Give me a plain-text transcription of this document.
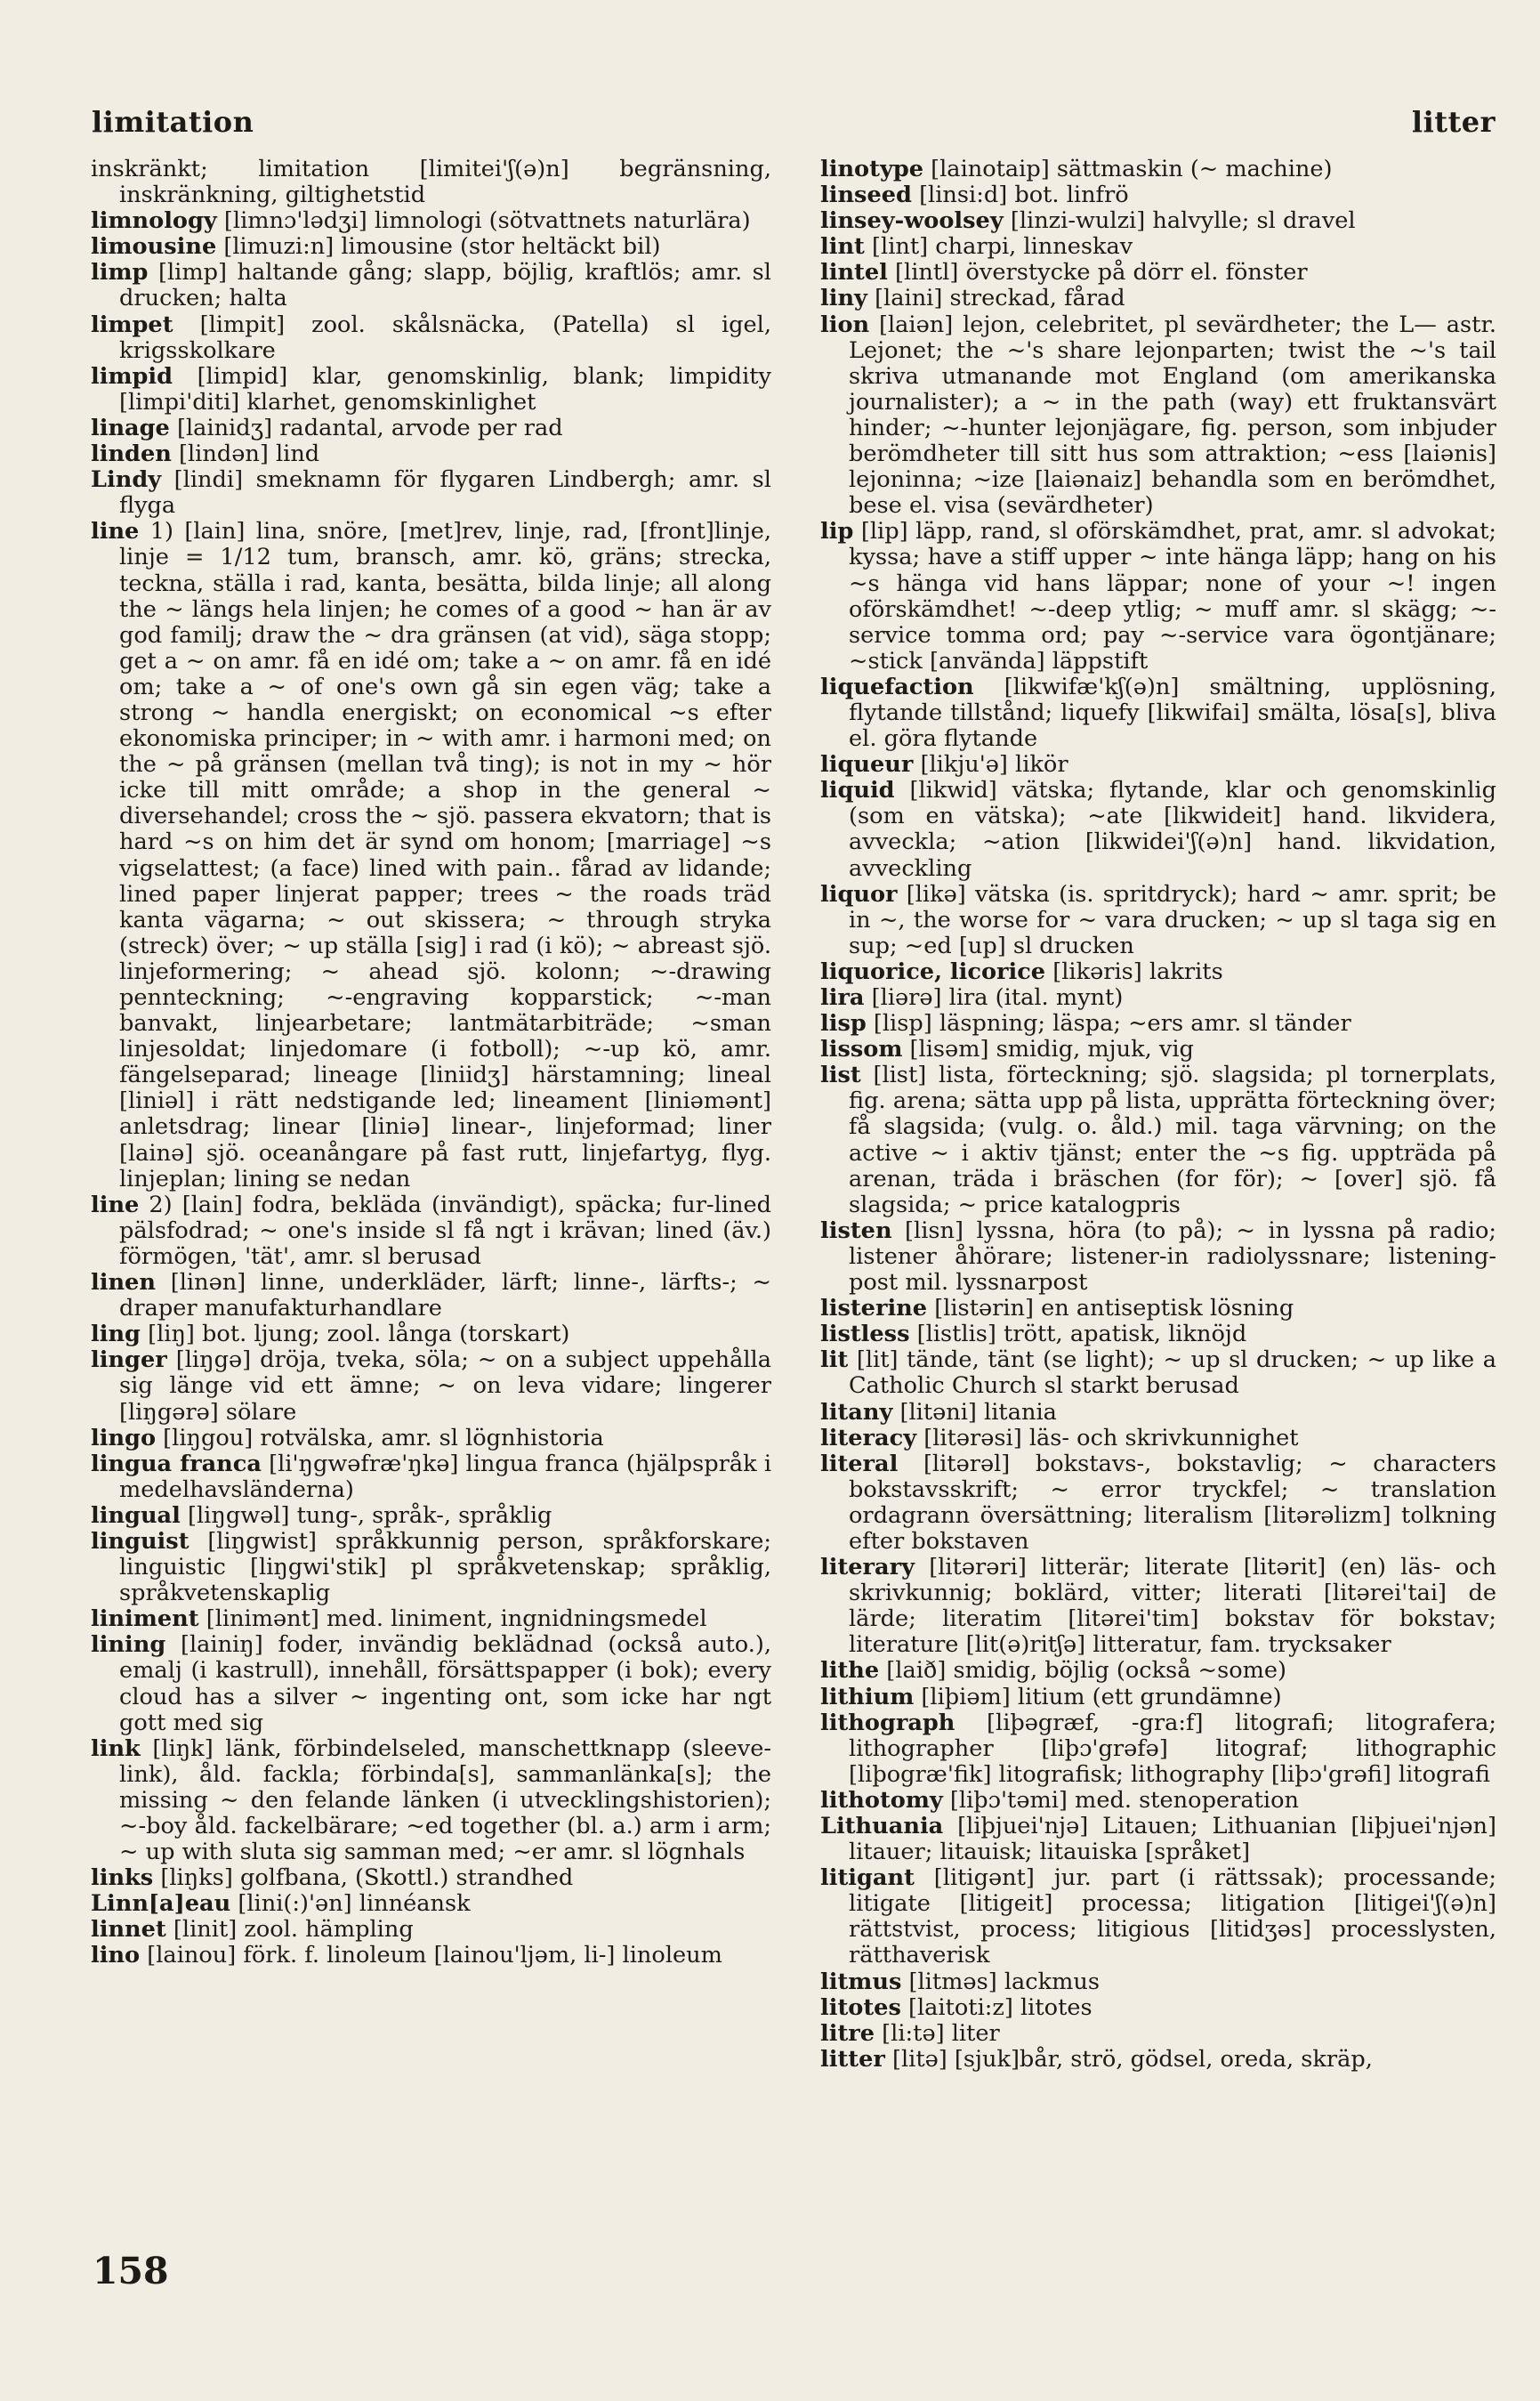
limitation	litter

inskränkt; limitation [limitei'ʃ(ə)n] begränsning, inskränkning, giltighetstid

limnology [limnɔ'lədʒi] limnologi (sötvattnets naturlära)

limousine [limuzi:n] limousine (stor heltäckt bil)

limp [limp] haltande gång; slapp, böjlig, kraftlös; amr. sl drucken; halta

limpet [limpit] zool. skålsnäcka, (Patella) sl igel, krigsskolkare

limpid [limpid] klar, genomskinlig, blank; limpidity [limpi'diti] klarhet, genomskinlighet

linage [lainidʒ] radantal, arvode per rad

linden [lindən] lind

Lindy [lindi] smeknamn för flygaren Lindbergh; amr. sl flyga

line 1) [lain] lina, snöre, [met]rev, linje, rad, [front]linje, linje = 1/12 tum, bransch, amr. kö, gräns; strecka, teckna, ställa i rad, kanta, besätta, bilda linje; all along the ~ längs hela linjen; he comes of a good ~ han är av god familj; draw the ~ dra gränsen (at vid), säga stopp; get a ~ on amr. få en idé om; take a ~ on amr. få en idé om; take a ~ of one's own gå sin egen väg; take a strong ~ handla energiskt; on economical ~s efter ekonomiska principer; in ~ with amr. i harmoni med; on the ~ på gränsen (mellan två ting); is not in my ~ hör icke till mitt område; a shop in the general ~ diversehandel; cross the ~ sjö. passera ekvatorn; that is hard ~s on him det är synd om honom; [marriage] ~s vigselattest; (a face) lined with pain.. fårad av lidande; lined paper linjerat papper; trees ~ the roads träd kanta vägarna; ~ out skissera; ~ through stryka (streck) över; ~ up ställa [sig] i rad (i kö); ~ abreast sjö. linjeformering; ~ ahead sjö. kolonn; ~-drawing pennteckning; ~-engraving kopparstick; ~-man banvakt, linjearbetare; lantmätarbiträde; ~sman linjesoldat; linjedomare (i fotboll); ~-up kö, amr. fängelseparad; lineage [liniidʒ] härstamning; lineal [liniəl] i rätt nedstigande led; lineament [liniəmənt] anletsdrag; linear [liniə] linear-, linjeformad; liner [lainə] sjö. oceanångare på fast rutt, linjefartyg, flyg. linjeplan; lining se nedan

line 2) [lain] fodra, beklädа (invändigt), späcka; fur-lined pälsfodrad; ~ one's inside sl få ngt i krävan; lined (äv.) förmögen, 'tät', amr. sl berusad

linen [linən] linne, underkläder, lärft; linne-, lärfts-; ~ draper manufakturhandlare

ling [liŋ] bot. ljung; zool. långa (torskart)

linger [liŋgə] dröja, tveka, söla; ~ on a subject uppehålla sig länge vid ett ämne; ~ on leva vidare; lingerer [liŋgərə] sölare

lingo [liŋgou] rotvälska, amr. sl lögnhistoria

lingua franca [li'ŋgwəfræ'ŋkə] lingua franca (hjälpspråk i medelhavsländerna)

lingual [liŋgwəl] tung-, språk-, språklig

linguist [liŋgwist] språkkunnig person, språkforskare; linguistic [liŋgwi'stik] pl språkvetenskap; språklig, språkvetenskaplig

liniment [linimənt] med. liniment, ingnidningsmedel

lining [lainiŋ] foder, invändig beklädnad (också auto.), emalj (i kastrull), innehåll, försättspapper (i bok); every cloud has a silver ~ ingenting ont, som icke har ngt gott med sig

link [liŋk] länk, förbindelseled, manschettknapp (sleeve-link), åld. fackla; förbinda[s], sammanlänka[s]; the missing ~ den felande länken (i utvecklingshistorien); ~-boy åld. fackelbärare; ~ed together (bl. a.) arm i arm; ~ up with sluta sig samman med; ~er amr. sl lögnhals

links [liŋks] golfbana, (Skottl.) strandhed

Linn[a]eau [lini(:)'ən] linnéansk

linnet [linit] zool. hämpling

lino [lainou] förk. f. linoleum [lainou'ljəm, li-] linoleum

linotype [lainotaip] sättmaskin (~ machine)

linseed [linsi:d] bot. linfrö

linsey-woolsey [linzi-wulzi] halvylle; sl dravel

lint [lint] charpi, linneskav

lintel [lintl] överstycke på dörr el. fönster

liny [laini] streckad, fårad

lion [laiən] lejon, celebritet, pl sevärdheter; the L— astr. Lejonet; the ~'s share lejonparten; twist the ~'s tail skriva utmanande mot England (om amerikanska journalister); a ~ in the path (way) ett fruktansvärt hinder; ~-hunter lejonjägare, fig. person, som inbjuder berömdheter till sitt hus som attraktion; ~ess [laiənis] lejoninna; ~ize [laiənaiz] behandla som en berömdhet, bese el. visa (sevärdheter)

lip [lip] läpp, rand, sl oförskämdhet, prat, amr. sl advokat; kyssa; have a stiff upper ~ inte hänga läpp; hang on his ~s hänga vid hans läppar; none of your ~! ingen oförskämdhet! ~-deep ytlig; ~ muff amr. sl skägg; ~-service tomma ord; pay ~-service vara ögontjänare; ~stick [använda] läppstift

liquefaction [likwifæ'kʃ(ə)n] smältning, upplösning, flytande tillstånd; liquefy [likwifai] smälta, lösa[s], bliva el. göra flytande

liqueur [likju'ə] likör

liquid [likwid] vätska; flytande, klar och genomskinlig (som en vätska); ~ate [likwideit] hand. likvidera, avveckla; ~ation [likwidei'ʃ(ə)n] hand. likvidation, avveckling

liquor [likə] vätska (is. spritdryck); hard ~ amr. sprit; be in ~, the worse for ~ vara drucken; ~ up sl taga sig en sup; ~ed [up] sl drucken

liquorice, licorice [likəris] lakrits

lira [liərə] lira (ital. mynt)

lisp [lisp] läspning; läspa; ~ers amr. sl tänder

lissom [lisəm] smidig, mjuk, vig

list [list] lista, förteckning; sjö. slagsida; pl tornerplats, fig. arena; sätta upp på lista, upprätta förteckning över; få slagsida; (vulg. o. åld.) mil. taga värvning; on the active ~ i aktiv tjänst; enter the ~s fig. uppträda på arenan, träda i bräschen (for för); ~ [over] sjö. få slagsida; ~ price katalogpris

listen [lisn] lyssna, höra (to på); ~ in lyssna på radio; listener åhörare; listener-in radiolyssnare; listening-post mil. lyssnarpost

listerine [listərin] en antiseptisk lösning

listless [listlis] trött, apatisk, liknöjd

lit [lit] tände, tänt (se light); ~ up sl drucken; ~ up like a Catholic Church sl starkt berusad

litany [litəni] litania

literacy [litərəsi] läs- och skrivkunnighet

literal [litərəl] bokstavs-, bokstavlig; ~ characters bokstavsskrift; ~ error tryckfel; ~ translation ordagrann översättning; literalism [litərəlizm] tolkning efter bokstaven

literary [litərəri] litterär; literate [litərit] (en) läs- och skrivkunnig; boklärd, vitter; literati [litərei'tai] de lärde; literatim [litərei'tim] bokstav för bokstav; literature [lit(ə)ritʃə] litteratur, fam. trycksaker

lithe [laið] smidig, böjlig (också ~some)

lithium [liþiəm] litium (ett grundämne)

lithograph [liþəgræf, -gra:f] litografi; litografera; lithographer [liþɔ'grəfə] litograf; lithographic [liþogræ'fik] litografisk; lithography [liþɔ'grəfi] litografi

lithotomy [liþɔ'təmi] med. stenoperation

Lithuania [liþjuei'njə] Litauen; Lithuanian [liþjuei'njən] litauer; litauisk; litauiska [språket]

litigant [litigənt] jur. part (i rättssak); processande; litigate [litigeit] processa; litigation [litigei'ʃ(ə)n] rättstvist, process; litigious [litidʒəs] processlysten, rätthaverisk

litmus [litməs] lackmus

litotes [laitoti:z] litotes

litre [li:tə] liter

litter [litə] [sjuk]bår, strö, gödsel, oreda, skräp,

158
